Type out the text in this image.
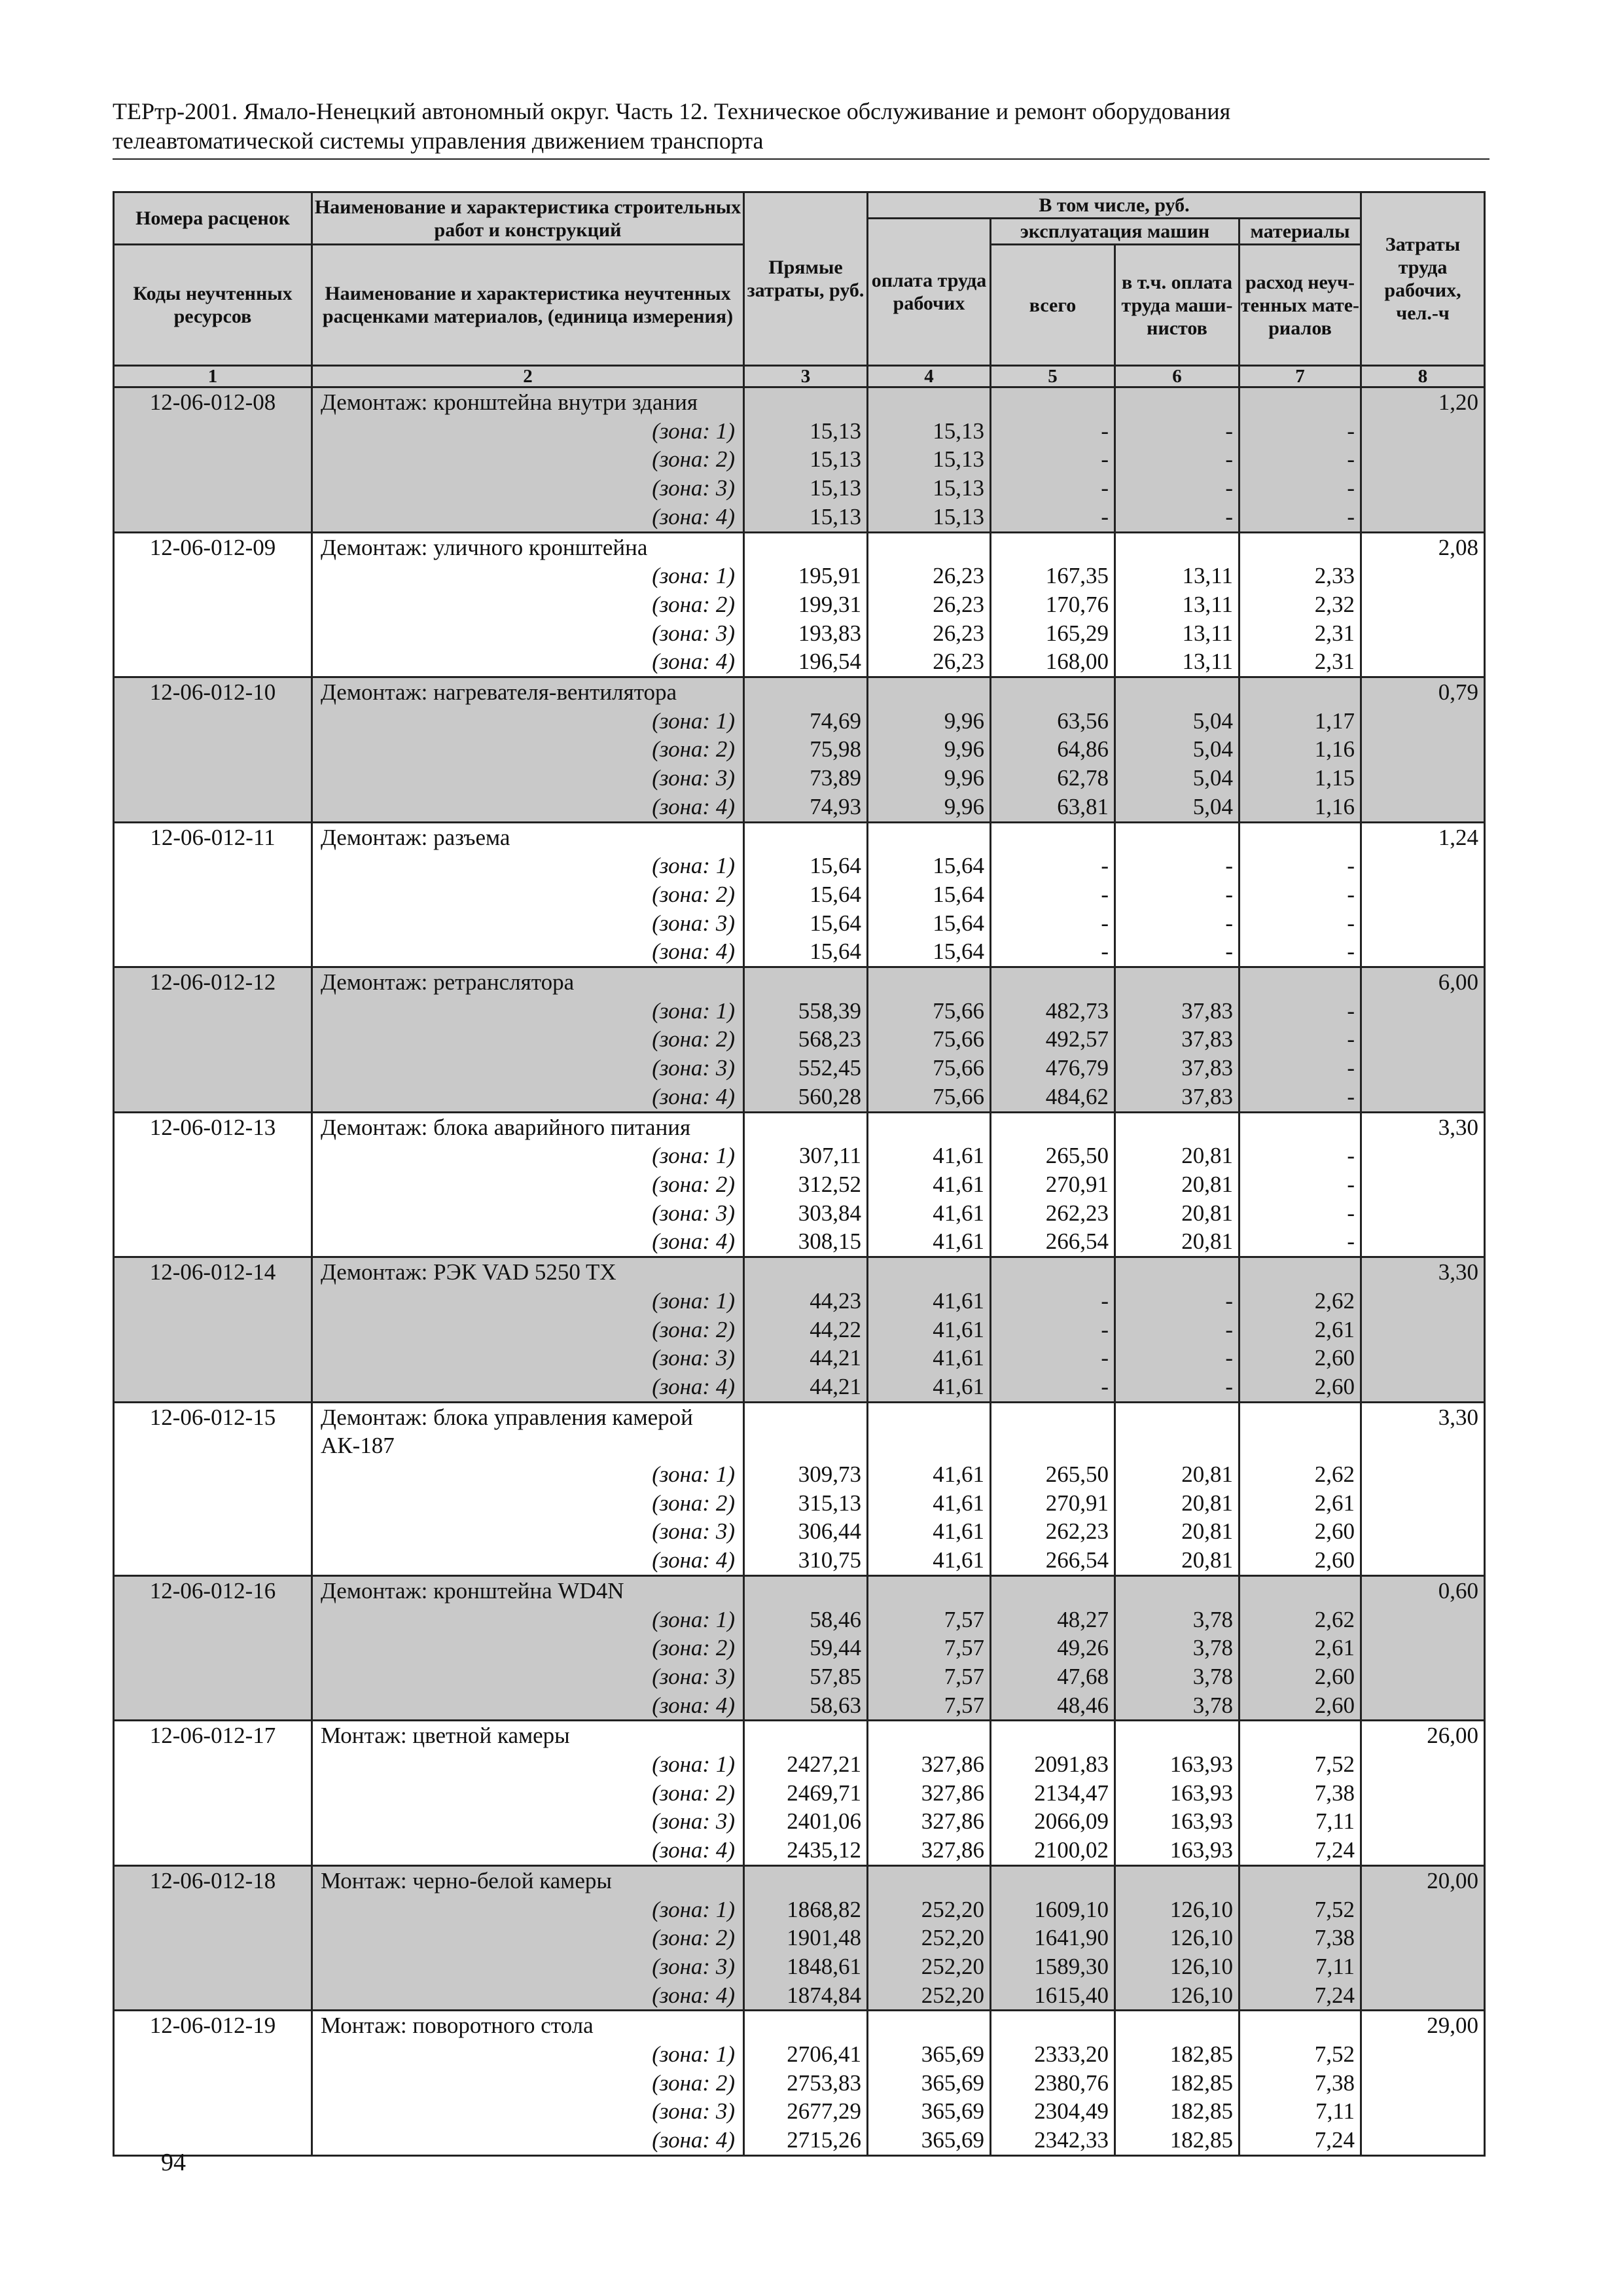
ТЕРтр-2001. Ямало-Ненецкий автономный округ. Часть 12. Техническое обслуживание и ремонт оборудования
телеавтоматической системы управления движением транспорта
Номера расценок	Наименование и характеристика строительных работ и конструкций	Прямые затраты, руб.	В том числе, руб.				Затраты труда рабочих, чел.-ч
			оплата труда рабочих	эксплуатация машин		материалы	
Коды неучтенных ресурсов	Наименование и характеристика неучтенных расценками материалов, (единица измерения)			всего	в т.ч. оплата труда маши-нистов	расход неуч-тенных мате-риалов	

1	2	3	4	5	6	7	8
12-06-012-08	Демонтаж: кронштейна внутри здания						1,20
	(зона: 1)	15,13	15,13	-	-	-	
	(зона: 2)	15,13	15,13	-	-	-	
	(зона: 3)	15,13	15,13	-	-	-	
	(зона: 4)	15,13	15,13	-	-	-	
12-06-012-09	Демонтаж: уличного кронштейна						2,08
	(зона: 1)	195,91	26,23	167,35	13,11	2,33	
	(зона: 2)	199,31	26,23	170,76	13,11	2,32	
	(зона: 3)	193,83	26,23	165,29	13,11	2,31	
	(зона: 4)	196,54	26,23	168,00	13,11	2,31	
12-06-012-10	Демонтаж: нагревателя-вентилятора						0,79
	(зона: 1)	74,69	9,96	63,56	5,04	1,17	
	(зона: 2)	75,98	9,96	64,86	5,04	1,16	
	(зона: 3)	73,89	9,96	62,78	5,04	1,15	
	(зона: 4)	74,93	9,96	63,81	5,04	1,16	
12-06-012-11	Демонтаж: разъема						1,24
	(зона: 1)	15,64	15,64	-	-	-	
	(зона: 2)	15,64	15,64	-	-	-	
	(зона: 3)	15,64	15,64	-	-	-	
	(зона: 4)	15,64	15,64	-	-	-	
12-06-012-12	Демонтаж: ретранслятора						6,00
	(зона: 1)	558,39	75,66	482,73	37,83	-	
	(зона: 2)	568,23	75,66	492,57	37,83	-	
	(зона: 3)	552,45	75,66	476,79	37,83	-	
	(зона: 4)	560,28	75,66	484,62	37,83	-	
12-06-012-13	Демонтаж: блока аварийного питания						3,30
	(зона: 1)	307,11	41,61	265,50	20,81	-	
	(зона: 2)	312,52	41,61	270,91	20,81	-	
	(зона: 3)	303,84	41,61	262,23	20,81	-	
	(зона: 4)	308,15	41,61	266,54	20,81	-	
12-06-012-14	Демонтаж: РЭК VAD 5250 TX						3,30
	(зона: 1)	44,23	41,61	-	-	2,62	
	(зона: 2)	44,22	41,61	-	-	2,61	
	(зона: 3)	44,21	41,61	-	-	2,60	
	(зона: 4)	44,21	41,61	-	-	2,60	
12-06-012-15	Демонтаж: блока управления камерой						3,30
	АК-187						
	(зона: 1)	309,73	41,61	265,50	20,81	2,62	
	(зона: 2)	315,13	41,61	270,91	20,81	2,61	
	(зона: 3)	306,44	41,61	262,23	20,81	2,60	
	(зона: 4)	310,75	41,61	266,54	20,81	2,60	
12-06-012-16	Демонтаж: кронштейна WD4N						0,60
	(зона: 1)	58,46	7,57	48,27	3,78	2,62	
	(зона: 2)	59,44	7,57	49,26	3,78	2,61	
	(зона: 3)	57,85	7,57	47,68	3,78	2,60	
	(зона: 4)	58,63	7,57	48,46	3,78	2,60	
12-06-012-17	Монтаж: цветной камеры						26,00
	(зона: 1)	2427,21	327,86	2091,83	163,93	7,52	
	(зона: 2)	2469,71	327,86	2134,47	163,93	7,38	
	(зона: 3)	2401,06	327,86	2066,09	163,93	7,11	
	(зона: 4)	2435,12	327,86	2100,02	163,93	7,24	
12-06-012-18	Монтаж: черно-белой камеры						20,00
	(зона: 1)	1868,82	252,20	1609,10	126,10	7,52	
	(зона: 2)	1901,48	252,20	1641,90	126,10	7,38	
	(зона: 3)	1848,61	252,20	1589,30	126,10	7,11	
	(зона: 4)	1874,84	252,20	1615,40	126,10	7,24	
12-06-012-19	Монтаж: поворотного стола						29,00
	(зона: 1)	2706,41	365,69	2333,20	182,85	7,52	
	(зона: 2)	2753,83	365,69	2380,76	182,85	7,38	
	(зона: 3)	2677,29	365,69	2304,49	182,85	7,11	
	(зона: 4)	2715,26	365,69	2342,33	182,85	7,24	
94
